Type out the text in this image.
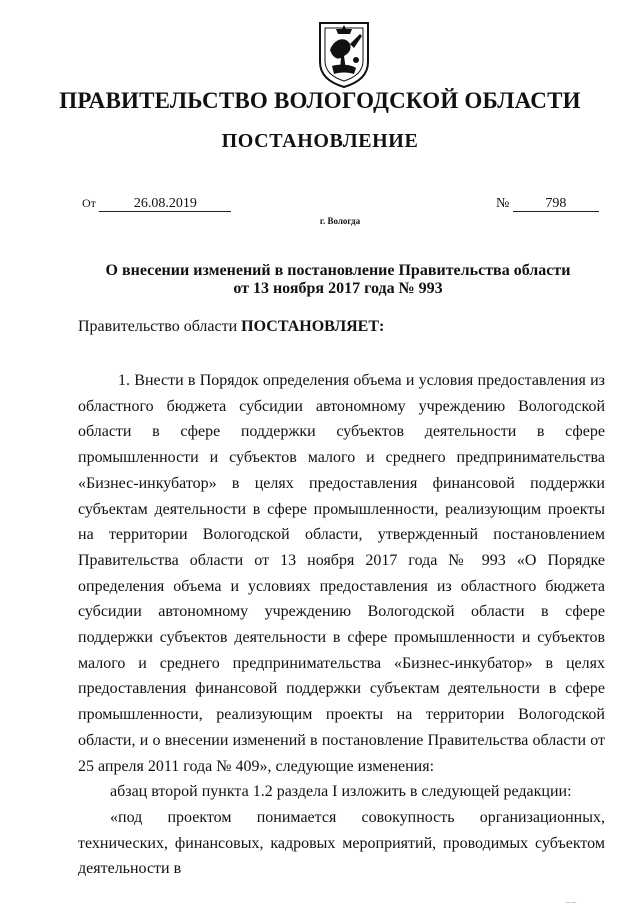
ПРАВИТЕЛЬСТВО ВОЛОГОДСКОЙ ОБЛАСТИ
ПОСТАНОВЛЕНИЕ
От	26.08.2019	№	798
г. Вологда
О внесении изменений в постановление Правительства области
от 13 ноября 2017 года № 993
Правительство области ПОСТАНОВЛЯЕТ:

1. Внести в Порядок определения объема и условия предоставления из областного бюджета субсидии автономному учреждению Вологодской области в сфере поддержки субъектов деятельности в сфере промышленности и субъектов малого и среднего предпринимательства «Бизнес-инкубатор» в целях предоставления финансовой поддержки субъектам деятельности в сфере промышленности, реализующим проекты на территории Вологодской области, утвержденный постановлением Правительства области от 13 ноября 2017 года № 993 «О Порядке определения объема и условиях предоставления из областного бюджета субсидии автономному учреждению Вологодской области в сфере поддержки субъектов деятельности в сфере промышленности и субъектов малого и среднего предпринимательства «Бизнес-инкубатор» в целях предоставления финансовой поддержки субъектам деятельности в сфере промышленности, реализующим проекты на территории Вологодской области, и о внесении изменений в постановление Правительства области от 25 апреля 2011 года № 409», следующие изменения:

абзац второй пункта 1.2 раздела I изложить в следующей редакции:

«под проектом понимается совокупность организационных, технических, финансовых, кадровых мероприятий, проводимых субъектом деятельности в

_ _
